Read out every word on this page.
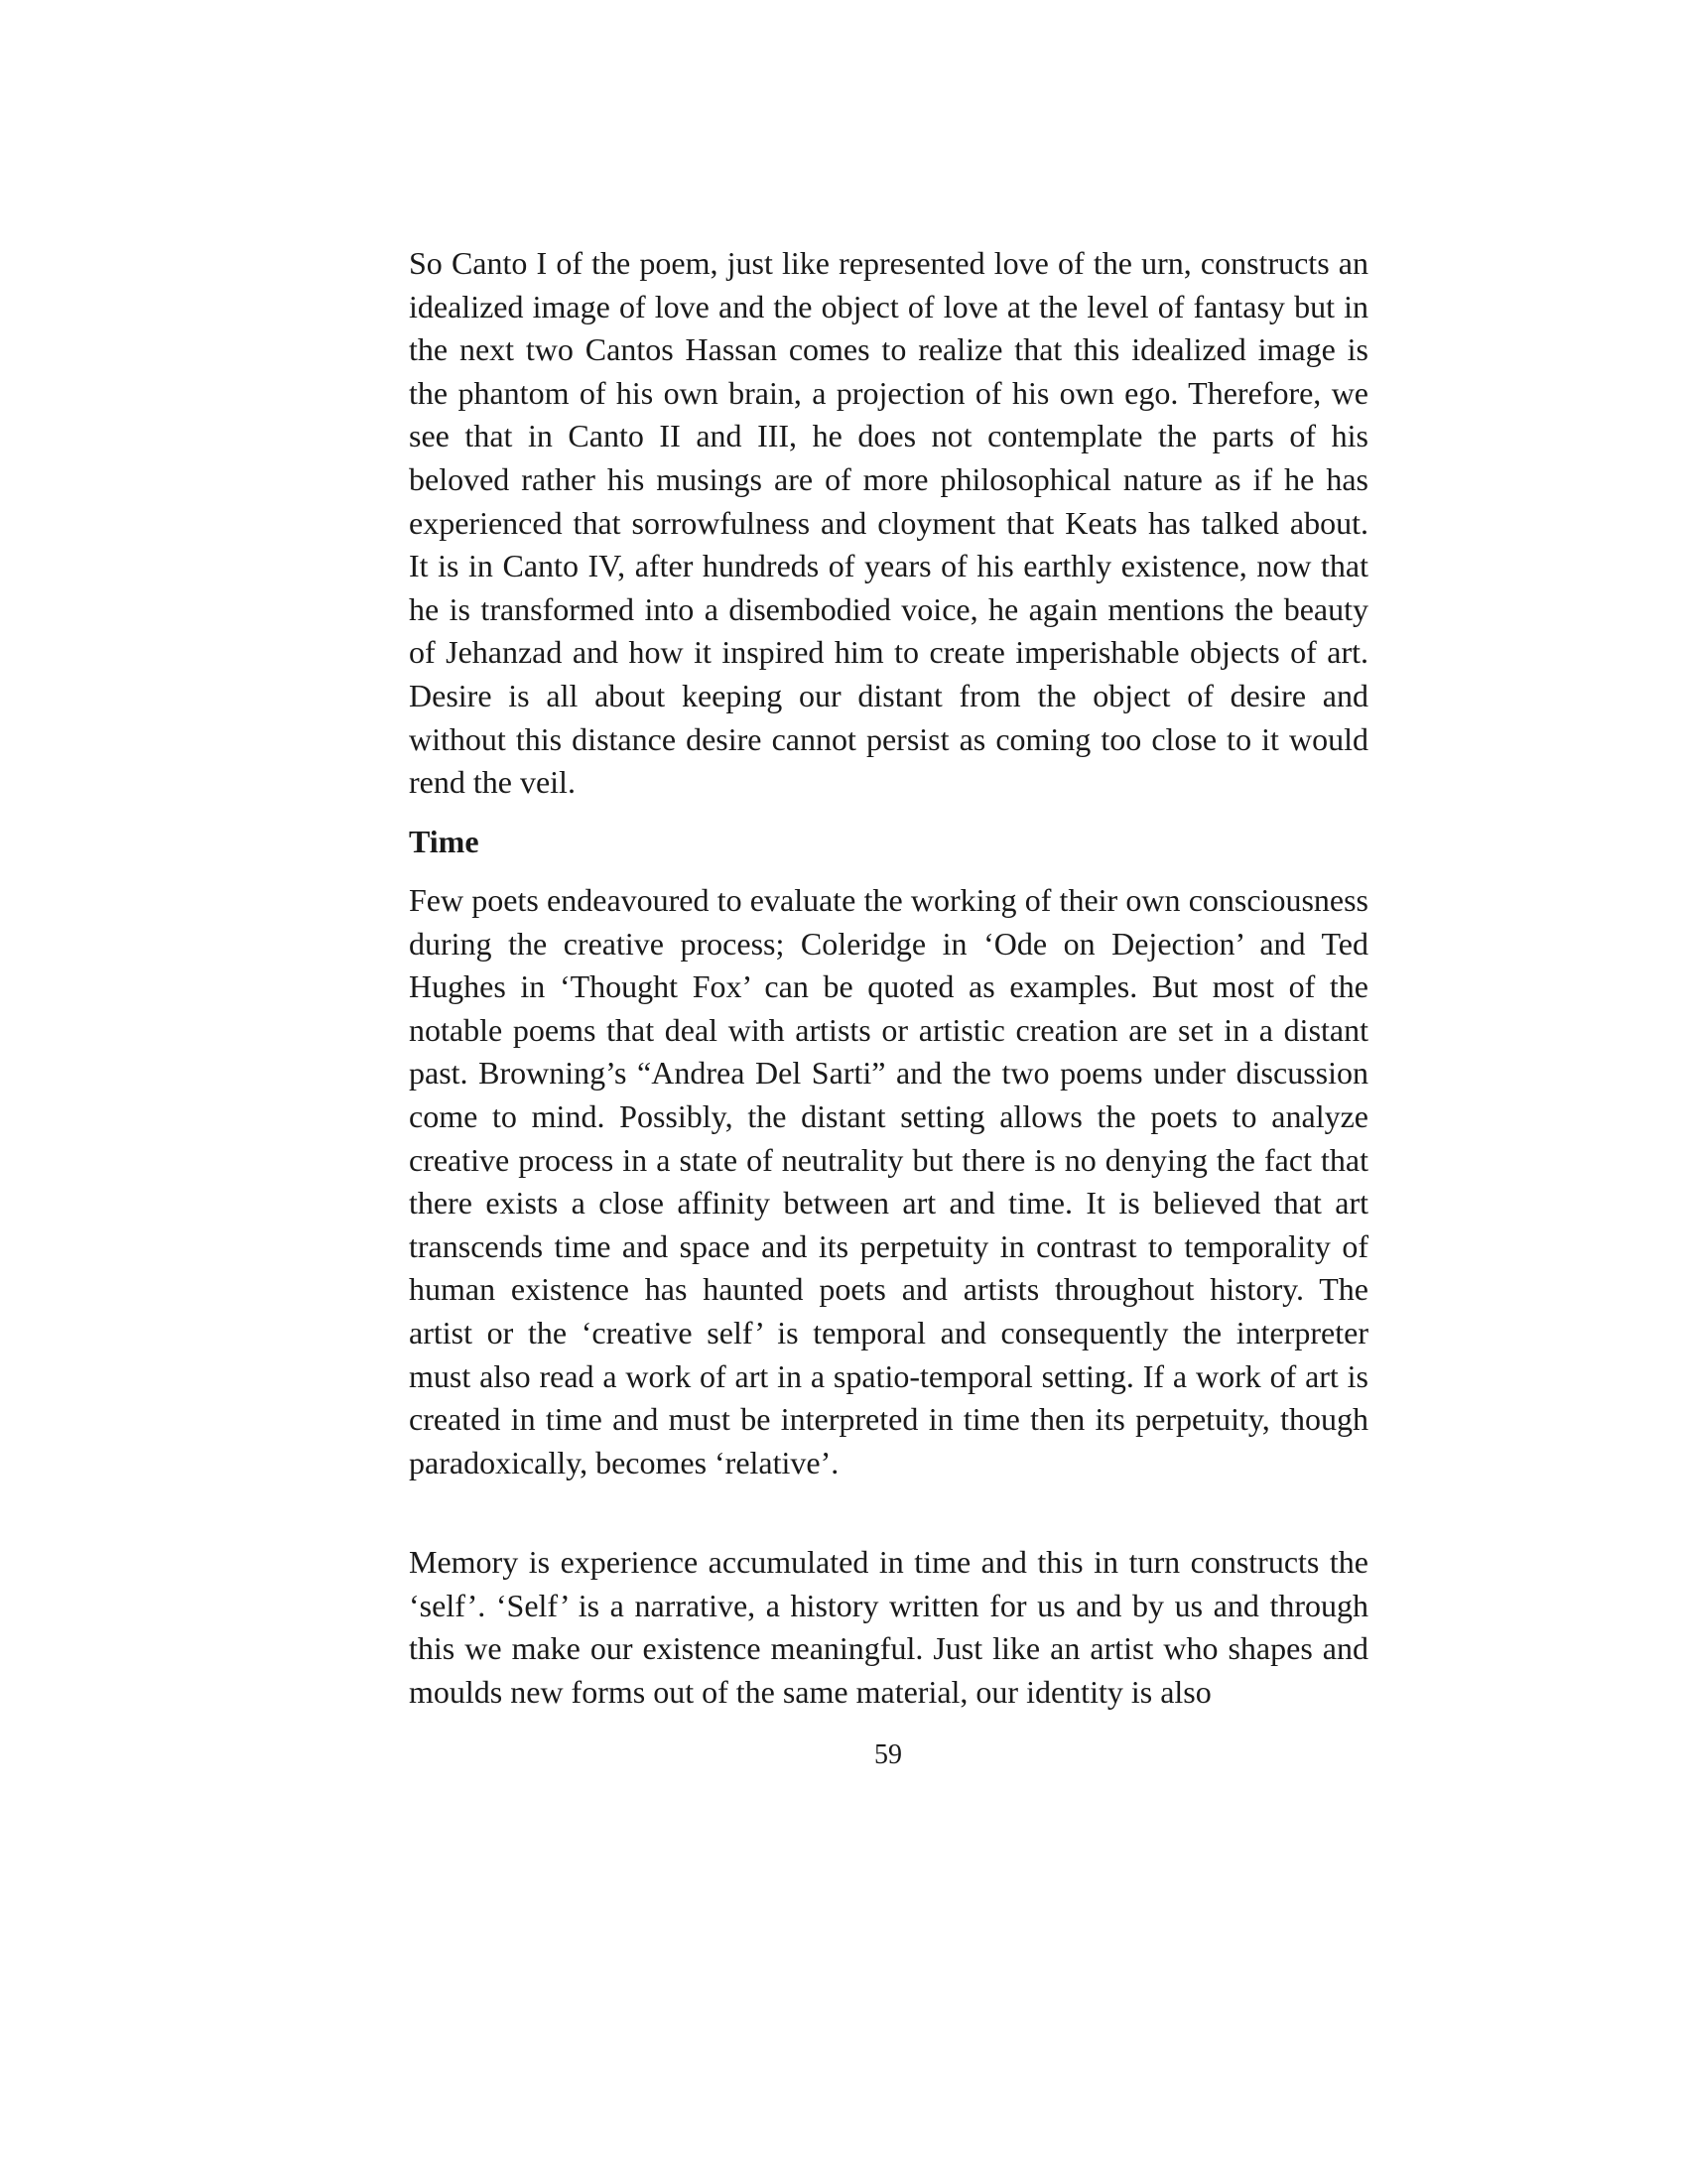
So Canto I of the poem, just like represented love of the urn, constructs an idealized image of love and the object of love at the level of fantasy but in the next two Cantos Hassan comes to realize that this idealized image is the phantom of his own brain, a projection of his own ego. Therefore, we see that in Canto II and III, he does not contemplate the parts of his beloved rather his musings are of more philosophical nature as if he has experienced that sorrowfulness and cloyment that Keats has talked about. It is in Canto IV, after hundreds of years of his earthly existence, now that he is transformed into a disembodied voice, he again mentions the beauty of Jehanzad and how it inspired him to create imperishable objects of art. Desire is all about keeping our distant from the object of desire and without this distance desire cannot persist as coming too close to it would rend the veil.

Time

Few poets endeavoured to evaluate the working of their own consciousness during the creative process; Coleridge in ‘Ode on Dejection’ and Ted Hughes in ‘Thought Fox’ can be quoted as examples. But most of the notable poems that deal with artists or artistic creation are set in a distant past. Browning’s “Andrea Del Sarti” and the two poems under discussion come to mind. Possibly, the distant setting allows the poets to analyze creative process in a state of neutrality but there is no denying the fact that there exists a close affinity between art and time. It is believed that art transcends time and space and its perpetuity in contrast to temporality of human existence has haunted poets and artists throughout history. The artist or the ‘creative self’ is temporal and consequently the interpreter must also read a work of art in a spatio-temporal setting. If a work of art is created in time and must be interpreted in time then its perpetuity, though paradoxically, becomes ‘relative’.

Memory is experience accumulated in time and this in turn constructs the ‘self’. ‘Self’ is a narrative, a history written for us and by us and through this we make our existence meaningful. Just like an artist who shapes and moulds new forms out of the same material, our identity is also

59
